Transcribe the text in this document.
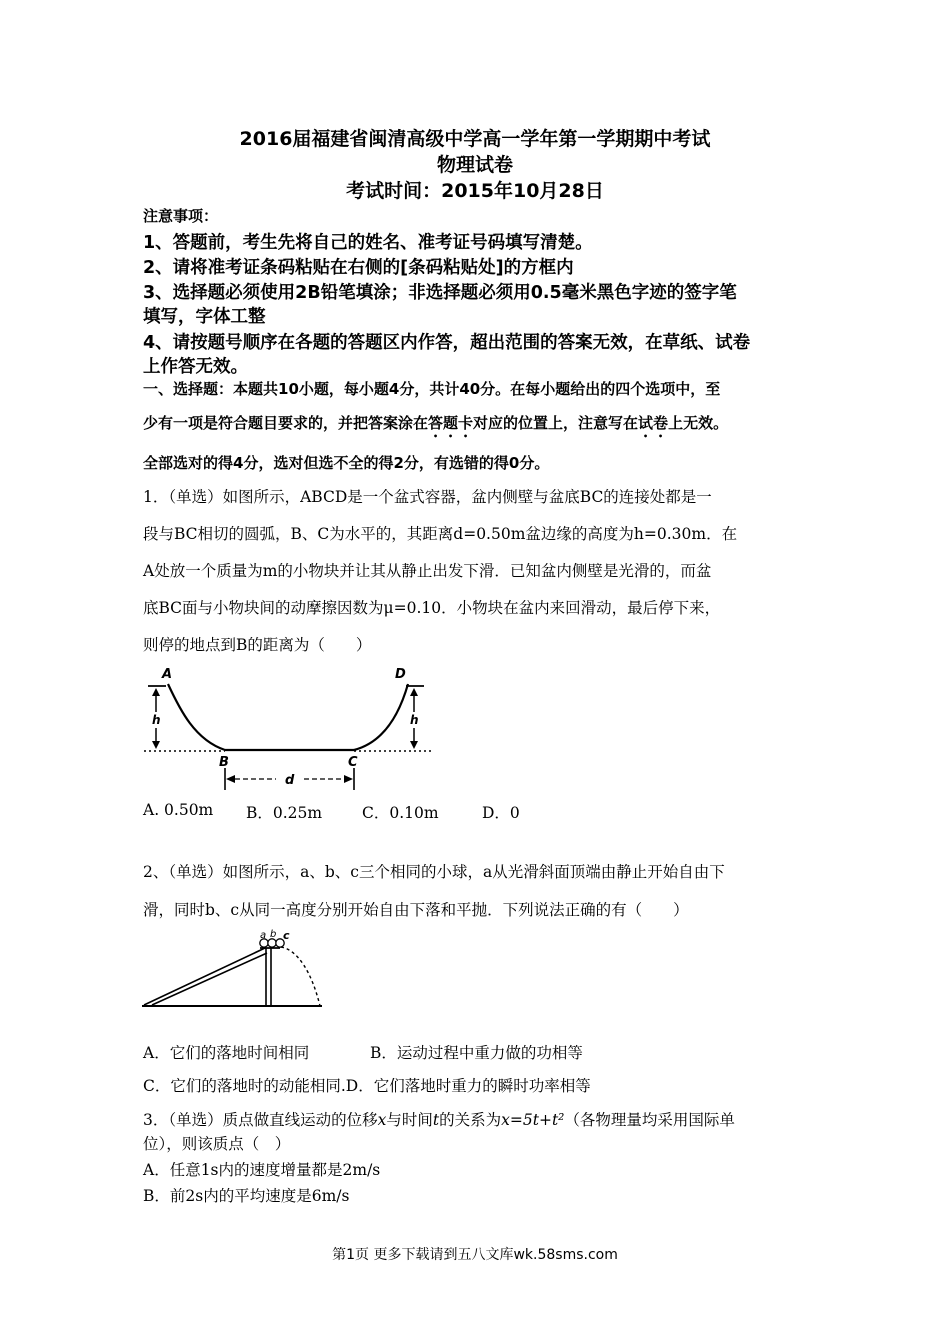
2016届福建省闽清高级中学高一学年第一学期期中考试
物理试卷
考试时间：2015年10月28日
注意事项：
1、答题前，考生先将自己的姓名、准考证号码填写清楚。
2、请将准考证条码粘贴在右侧的[条码粘贴处]的方框内
3、选择题必须使用2B铅笔填涂；非选择题必须用0.5毫米黑色字迹的签字笔
填写，字体工整
4、请按题号顺序在各题的答题区内作答，超出范围的答案无效，在草纸、试卷
上作答无效。
一、选择题：本题共10小题，每小题4分，共计40分。在每小题给出的四个选项中，至
少有一项是符合题目要求的，并把答案涂在答题卡对应的位置上，注意写在试卷上无效。
全部选对的得4分，选对但选不全的得2分，有选错的得0分。
1．（单选）如图所示，ABCD是一个盆式容器，盆内侧壁与盆底BC的连接处都是一
段与BC相切的圆弧，B、C为水平的，其距离d=0.50m盆边缘的高度为h=0.30m．在
A处放一个质量为m的小物块并让其从静止出发下滑．已知盆内侧壁是光滑的，而盆
底BC面与小物块间的动摩擦因数为μ=0.10．小物块在盆内来回滑动，最后停下来，
则停的地点到B的距离为（　　）
A	D
h	h
B	C
d
A. 0.50m B．0.25m	C．0.10m	D．0
2、（单选）如图所示，a、b、c三个相同的小球，a从光滑斜面顶端由静止开始自由下
滑，同时b、c从同一高度分别开始自由下落和平抛．下列说法正确的有（　　）
a b c
A．它们的落地时间相同	B．运动过程中重力做的功相等
C．它们的落地时的动能相同.D．它们落地时重力的瞬时功率相等
3．（单选）质点做直线运动的位移x与时间t的关系为x=5t+t²（各物理量均采用国际单
位），则该质点（　）
A．任意1s内的速度增量都是2m/s
B．前2s内的平均速度是6m/s
第1页 更多下载请到五八文库wk.58sms.com
